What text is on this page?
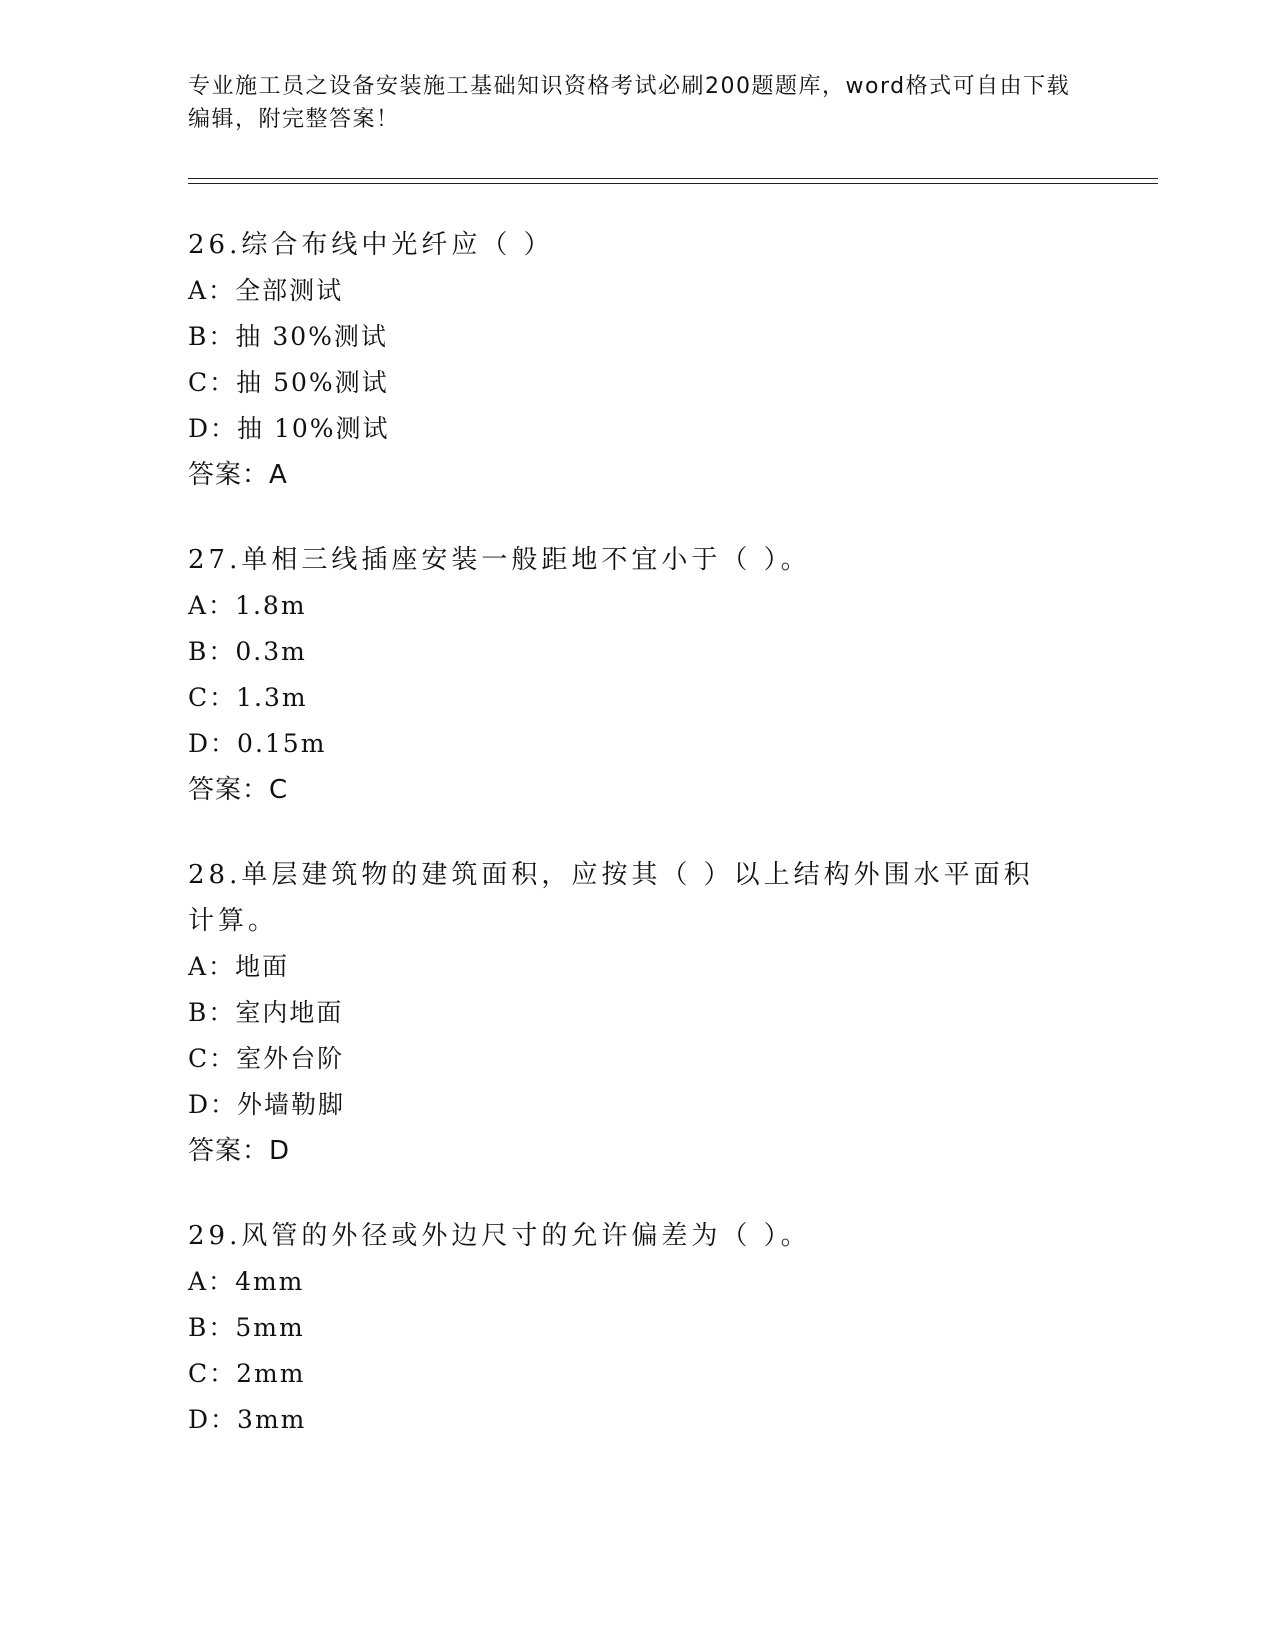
专业施工员之设备安装施工基础知识资格考试必刷200题题库，word格式可自由下载编辑，附完整答案！

26.综合布线中光纤应（ ）

A：全部测试

B：抽 30%测试

C：抽 50%测试

D：抽 10%测试

答案：A

27.单相三线插座安装一般距地不宜小于（ ）。

A：1.8m

B：0.3m

C：1.3m

D：0.15m

答案：C

28.单层建筑物的建筑面积，应按其（ ）以上结构外围水平面积计算。

A：地面

B：室内地面

C：室外台阶

D：外墙勒脚

答案：D

29.风管的外径或外边尺寸的允许偏差为（ ）。

A：4mm

B：5mm

C：2mm

D：3mm
